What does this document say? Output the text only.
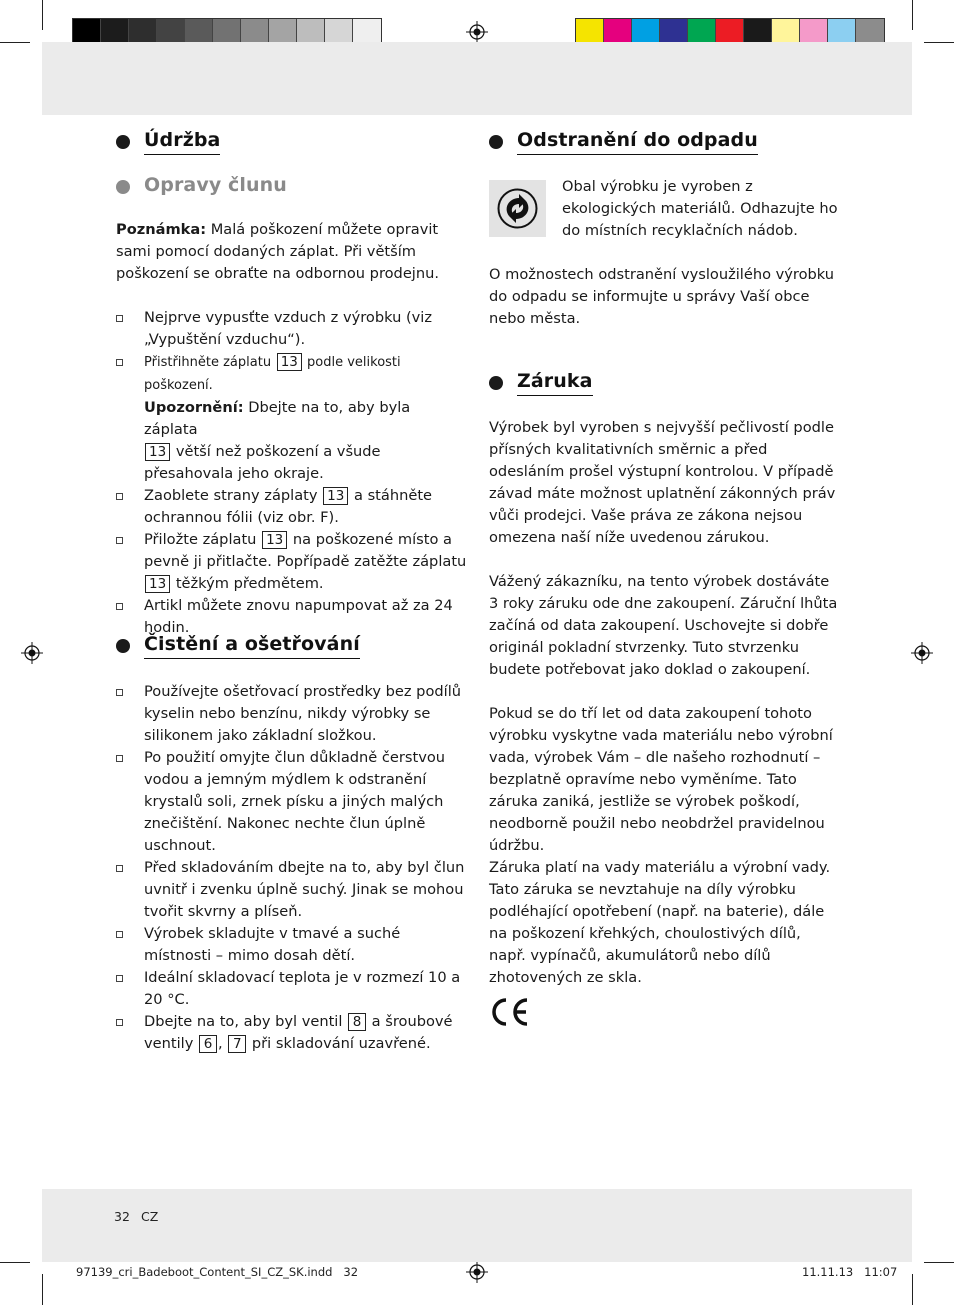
Údržba
Opravy člunu
Poznámka: Malá poškození můžete opravit sami pomocí dodaných záplat. Při větším poškození se obraťte na odbornou prodejnu.
Nejprve vypusťte vzduch z výrobku (viz „Vypuštění vzduchu“).
Přistřihněte záplatu 13 podle velikosti poškození.
Upozornění: Dbejte na to, aby byla záplata
13 větší než poškození a všude přesahovala jeho okraje.
Zaoblete strany záplaty 13 a stáhněte ochrannou fólii (viz obr. F).
Přiložte záplatu 13 na poškozené místo a pevně ji přitlačte. Popřípadě zatěžte záplatu
13 těžkým předmětem.
Artikl můžete znovu napumpovat až za 24 hodin.
Čistění a ošetřování
Používejte ošetřovací prostředky bez podílů kyselin nebo benzínu, nikdy výrobky se silikonem jako základní složkou.
Po použití omyjte člun důkladně čerstvou vodou a jemným mýdlem k odstranění krystalů soli, zrnek písku a jiných malých znečištění. Nakonec nechte člun úplně uschnout.
Před skladováním dbejte na to, aby byl člun uvnitř i zvenku úplně suchý. Jinak se mohou tvořit skvrny a plíseň.
Výrobek skladujte v tmavé a suché místnosti – mimo dosah dětí.
Ideální skladovací teplota je v rozmezí 10 a 20 °C.
Dbejte na to, aby byl ventil 8 a šroubové ventily 6 , 7 při skladování uzavřené.
Odstranění do odpadu
Obal výrobku je vyroben z ekologických materiálů. Odhazujte ho do místních recyklačních nádob.
O možnostech odstranění vysloužilého výrobku do odpadu se informujte u správy Vaší obce nebo města.
Záruka
Výrobek byl vyroben s nejvyšší pečlivostí podle přísných kvalitativních směrnic a před odesláním prošel výstupní kontrolou. V případě závad máte možnost uplatnění zákonných práv vůči prodejci. Vaše práva ze zákona nejsou omezena naší níže uvedenou zárukou.
Vážený zákazníku, na tento výrobek dostáváte 3 roky záruku ode dne zakoupení. Záruční lhůta začíná od data zakoupení. Uschovejte si dobře originál pokladní stvrzenky. Tuto stvrzenku budete potřebovat jako doklad o zakoupení.
Pokud se do tří let od data zakoupení tohoto výrobku vyskytne vada materiálu nebo výrobní vada, výrobek Vám – dle našeho rozhodnutí – bezplatně opravíme nebo vyměníme. Tato záruka zaniká, jestliže se výrobek poškodí, neodborně použil nebo neobdržel pravidelnou údržbu.
Záruka platí na vady materiálu a výrobní vady. Tato záruka se nevztahuje na díly výrobku podléhající opotřebení (např. na baterie), dále na poškození křehkých, choulostivých dílů, např. vypínačů, akumulátorů nebo dílů zhotovených ze skla.
32 CZ
97139_cri_Badeboot_Content_SI_CZ_SK.indd   32	11.11.13   11:07
